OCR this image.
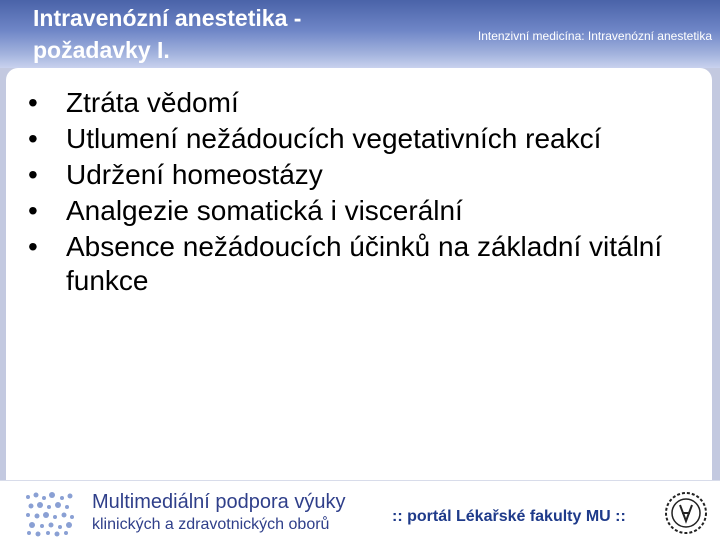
Intravenózní anestetika -
požadavky I.
Intenzivní medicína: Intravenózní anestetika
• Ztráta vědomí
• Utlumení nežádoucích vegetativních reakcí
• Udržení homeostázy
• Analgezie somatická i viscerální
• Absence nežádoucích účinků na základní vitální funkce
Multimediální podpora výuky
klinických a zdravotnických oborů	:: portál Lékařské fakulty MU ::
